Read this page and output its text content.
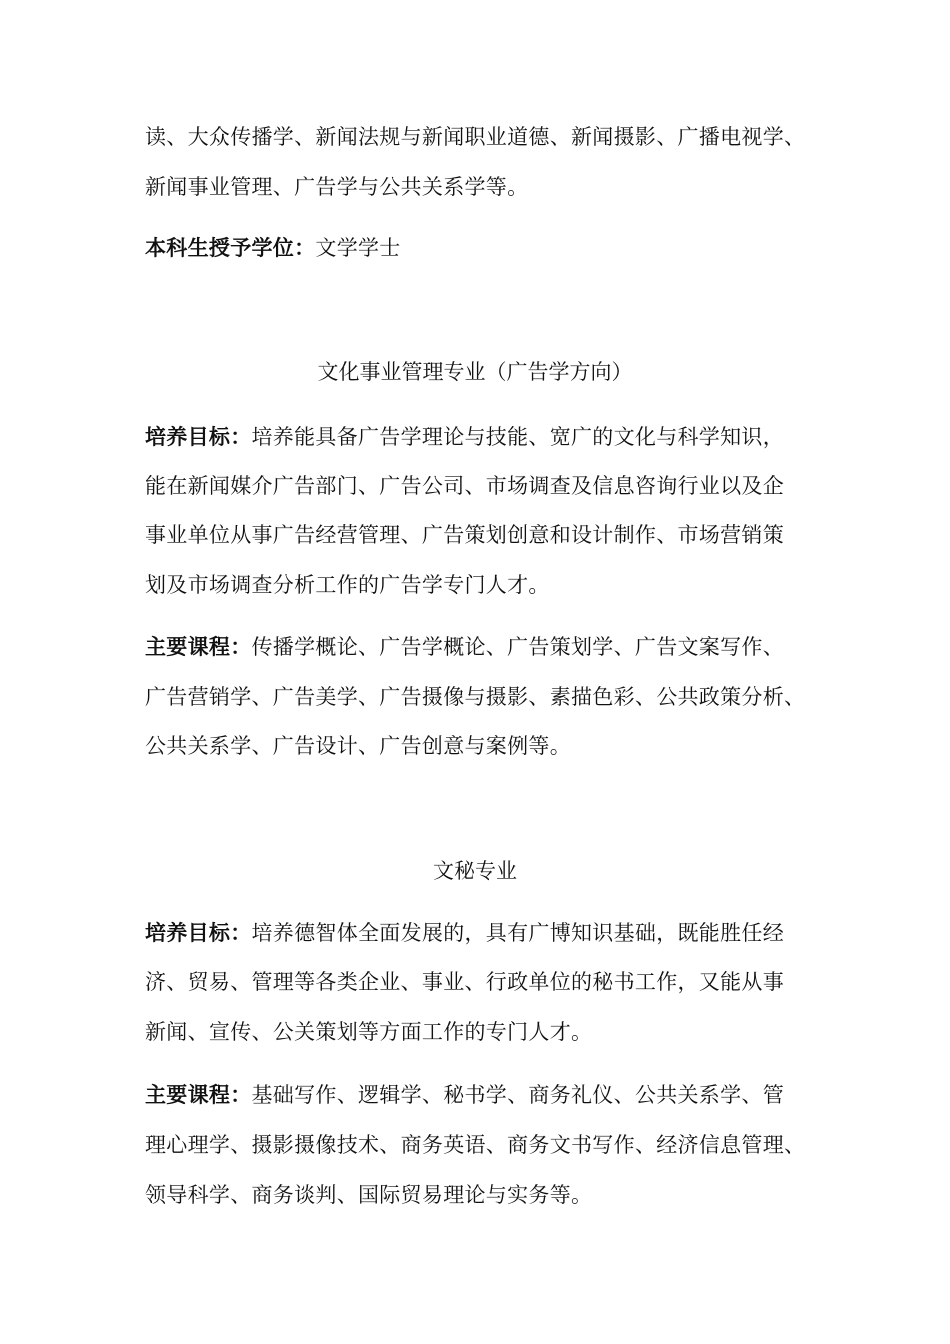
读、大众传播学、新闻法规与新闻职业道德、新闻摄影、广播电视学、
新闻事业管理、广告学与公共关系学等。
本科生授予学位：文学学士
文化事业管理专业（广告学方向）
培养目标：培养能具备广告学理论与技能、宽广的文化与科学知识，
能在新闻媒介广告部门、广告公司、市场调查及信息咨询行业以及企
事业单位从事广告经营管理、广告策划创意和设计制作、市场营销策
划及市场调查分析工作的广告学专门人才。
主要课程：传播学概论、广告学概论、广告策划学、广告文案写作、
广告营销学、广告美学、广告摄像与摄影、素描色彩、公共政策分析、
公共关系学、广告设计、广告创意与案例等。
文秘专业
培养目标：培养德智体全面发展的，具有广博知识基础，既能胜任经
济、贸易、管理等各类企业、事业、行政单位的秘书工作，又能从事
新闻、宣传、公关策划等方面工作的专门人才。
主要课程：基础写作、逻辑学、秘书学、商务礼仪、公共关系学、管
理心理学、摄影摄像技术、商务英语、商务文书写作、经济信息管理、
领导科学、商务谈判、国际贸易理论与实务等。
